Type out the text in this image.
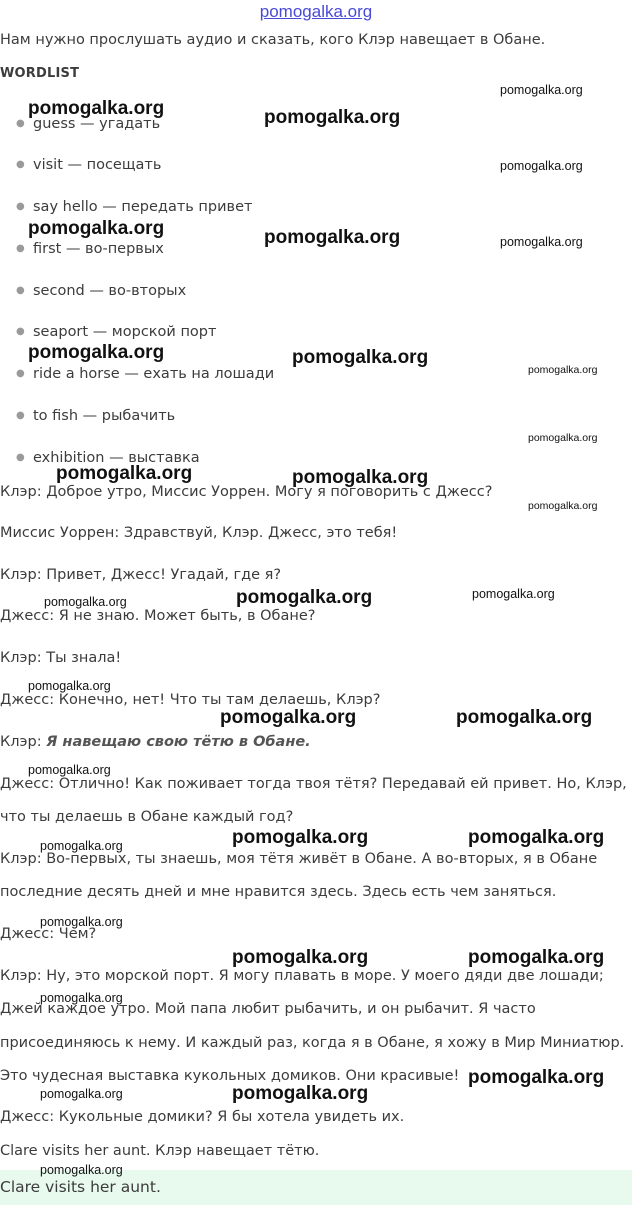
pomogalka.org
Нам нужно прослушать аудио и сказать, кого Клэр навещает в Обане.
WORDLIST
● guess — угадать
● visit — посещать
● say hello — передать привет
● first — во-первых
● second — во-вторых
● seaport — морской порт
● ride a horse — ехать на лошади
● to fish — рыбачить
● exhibition — выставка
Клэр: Доброе утро, Миссис Уоррен. Могу я поговорить с Джесс?
Миссис Уоррен: Здравствуй, Клэр. Джесс, это тебя!
Клэр: Привет, Джесс! Угадай, где я?
Джесс: Я не знаю. Может быть, в Обане?
Клэр: Ты знала!
Джесс: Конечно, нет! Что ты там делаешь, Клэр?
Клэр: Я навещаю свою тётю в Обане.
Джесс: Отлично! Как поживает тогда твоя тётя? Передавай ей привет. Но, Клэр,
что ты делаешь в Обане каждый год?
Клэр: Во-первых, ты знаешь, моя тётя живёт в Обане. А во-вторых, я в Обане
последние десять дней и мне нравится здесь. Здесь есть чем заняться.
Джесс: Чем?
Клэр: Ну, это морской порт. Я могу плавать в море. У моего дяди две лошади;
Джей каждое утро. Мой папа любит рыбачить, и он рыбачит. Я часто
присоединяюсь к нему. И каждый раз, когда я в Обане, я хожу в Мир Миниатюр.
Это чудесная выставка кукольных домиков. Они красивые!
Джесс: Кукольные домики? Я бы хотела увидеть их.
Clare visits her aunt. Клэр навещает тётю.
Clare visits her aunt.
pomogalka.org	pomogalka.org
pomogalka.org
pomogalka.org
pomogalka.org	pomogalka.org	pomogalka.org
pomogalka.org	pomogalka.org
pomogalka.org
pomogalka.org
pomogalka.org	pomogalka.org
pomogalka.org
pomogalka.org	pomogalka.org	pomogalka.org
pomogalka.org
pomogalka.org	pomogalka.org
pomogalka.org
pomogalka.org	pomogalka.org	pomogalka.org
pomogalka.org
pomogalka.org	pomogalka.org
pomogalka.org
pomogalka.org
pomogalka.org	pomogalka.org
pomogalka.org
